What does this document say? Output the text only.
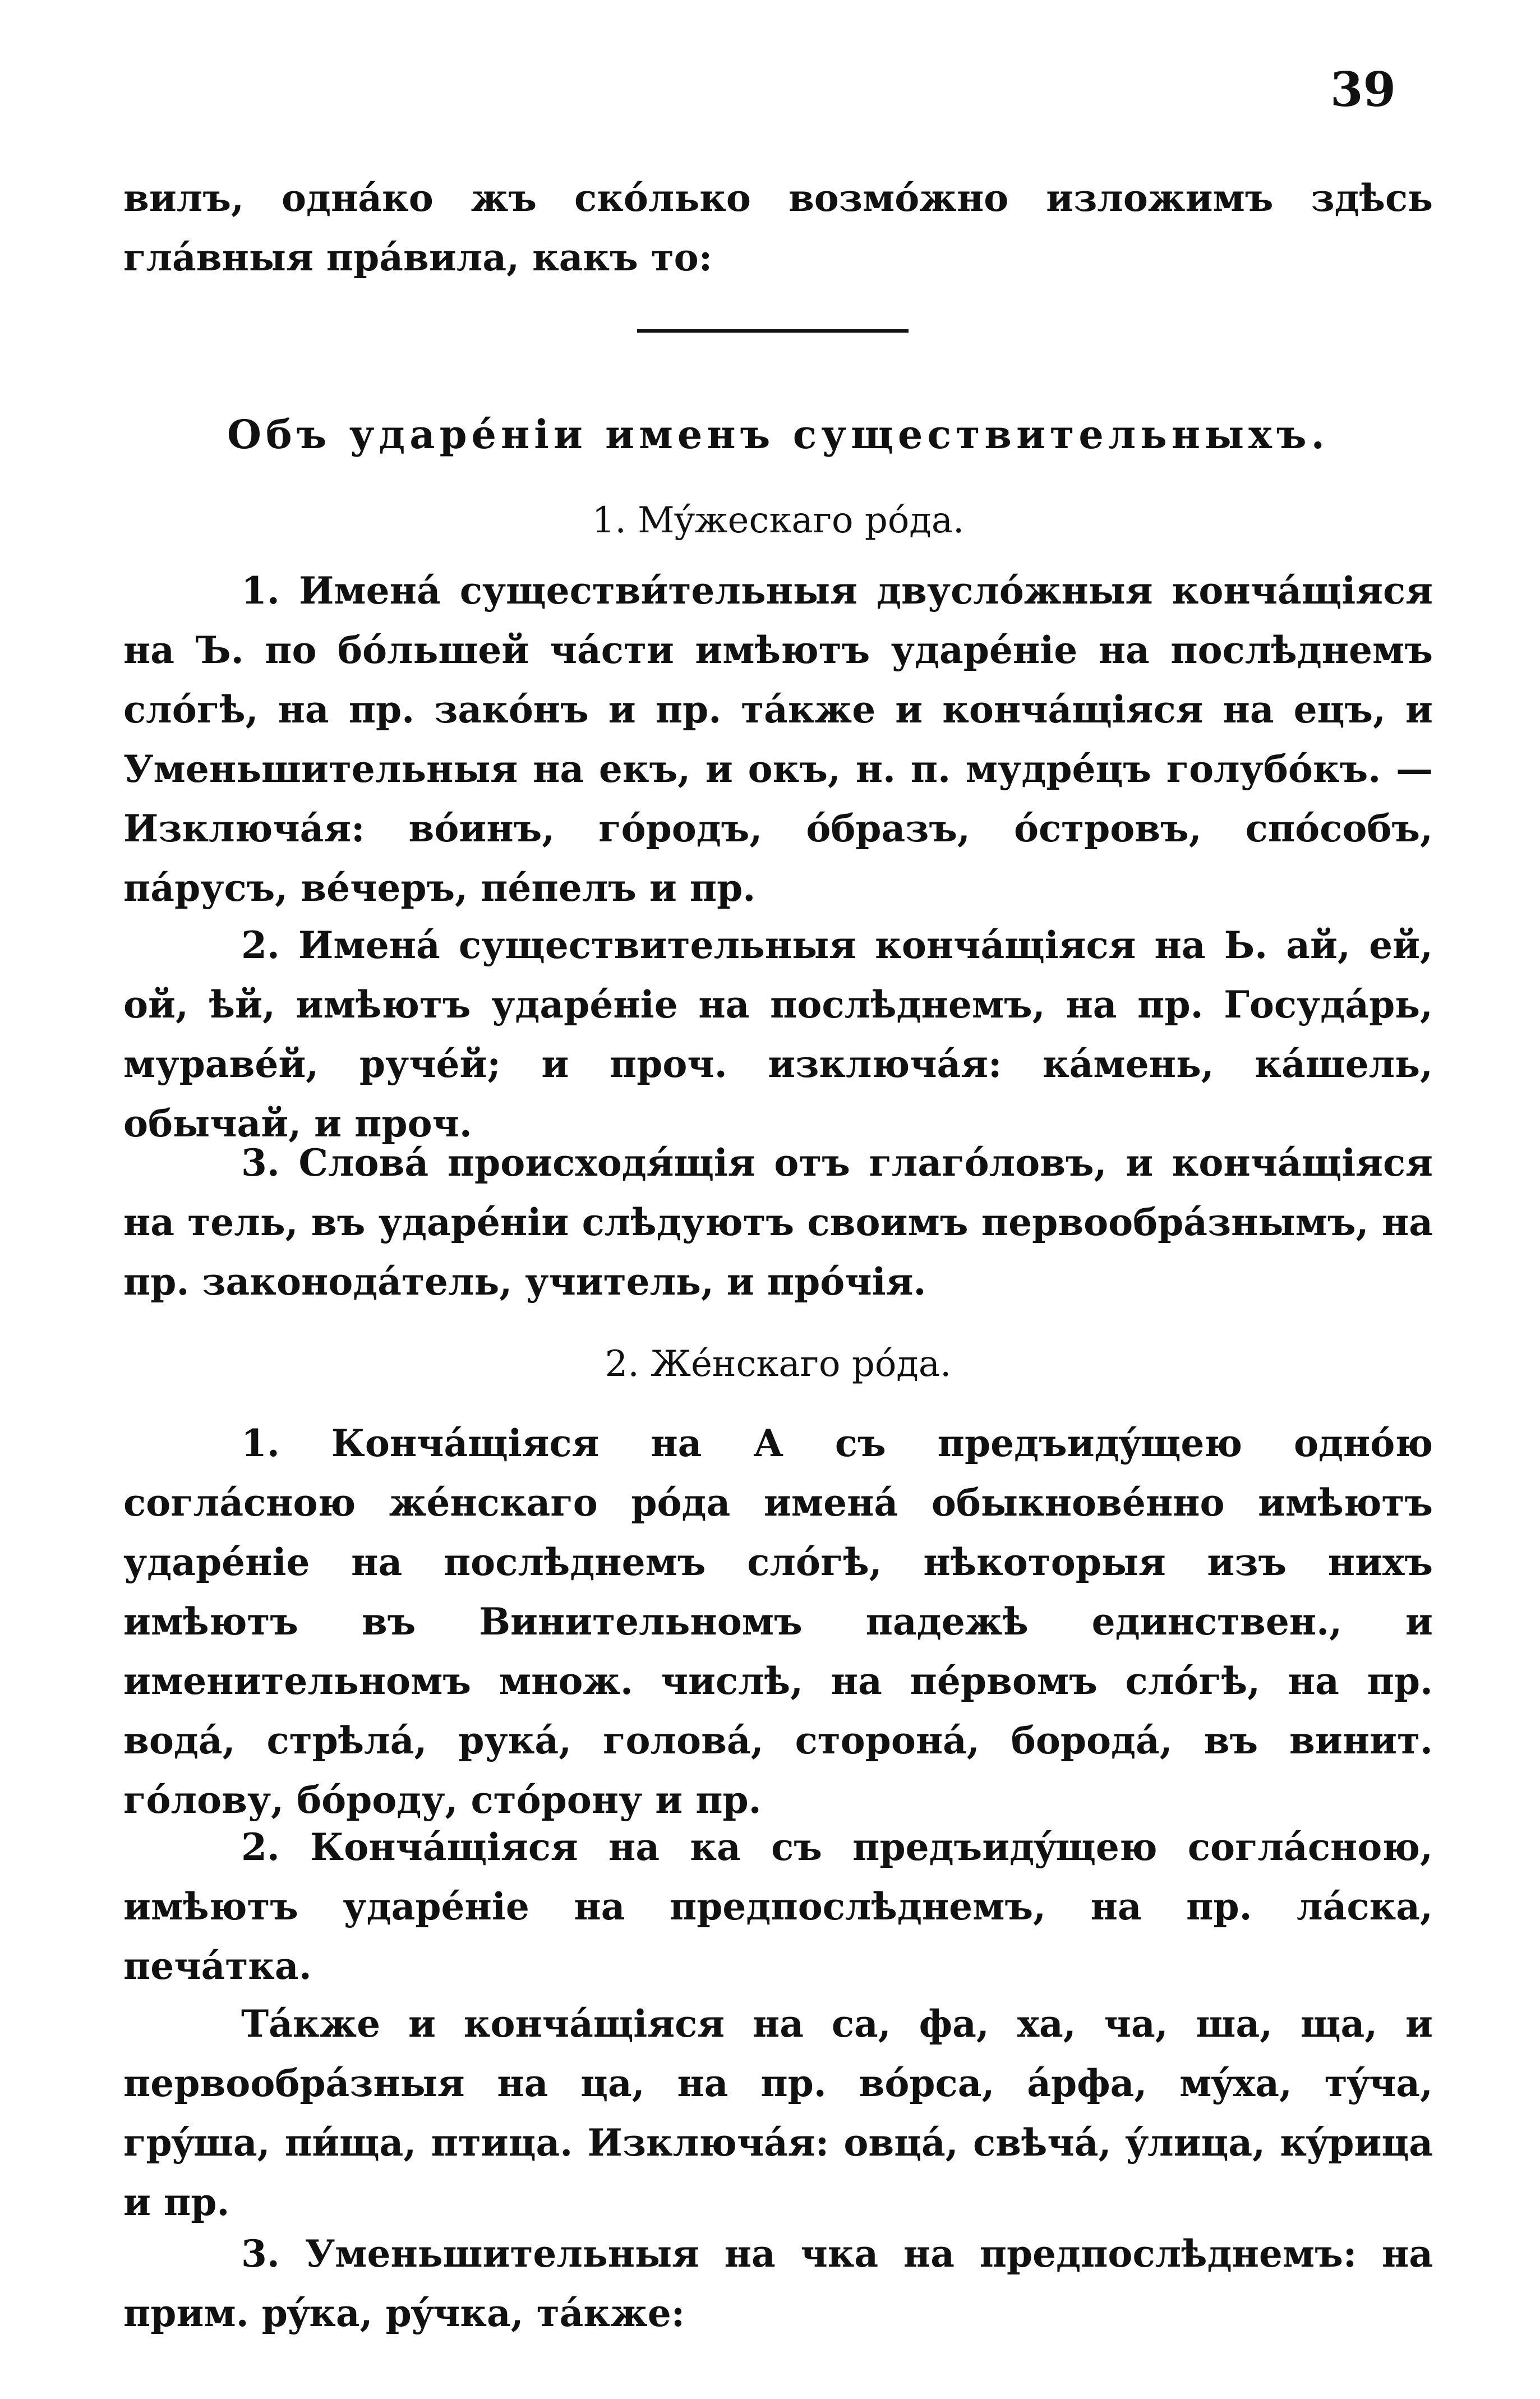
39

вилъ, однáко жъ скóлько возмóжно изложимъ здѣсь глáвныя прáвила, какъ то:

Объ ударéніи именъ существительныхъ.

1. Мýжескаго рóда.

1. Имена́ существи́тельныя двусло́жныя конча́щіяся на Ъ. по бóльшей чáсти имѣютъ ударéніе на послѣднемъ слóгѣ, на пр. закóнъ и пр. тáкже и кончáщіяся на ецъ, и Уменьшительныя на екъ, и окъ, н. п. мудрéцъ голубóкъ. — Изключáя: вóинъ, гóродъ, óбразъ, óстровъ, спóсобъ, пáрусъ, вéчеръ, пéпелъ и пр.

2. Имена́ существительныя кончáщіяся на Ь. ай, ей, ой, ѣй, имѣютъ ударéніе на послѣднемъ, на пр. Госуда́рь, муравéй, ручéй; и проч. изключáя: кáмень, кáшель, обычай, и проч.

3. Словá происходя́щія отъ глагóловъ, и кончáщіяся на тель, въ ударéніи слѣдуютъ своимъ первообрáзнымъ, на пр. законодáтель, учитель, и прóчія.

2. Жéнскаго рóда.

1. Кончáщіяся на А съ предъидýщею однóю соглáсною жéнскаго рóда имена́ обыкновéнно имѣютъ ударéніе на послѣднемъ слóгѣ, нѣкоторыя изъ нихъ имѣютъ въ Винительномъ падежѣ единствен., и именительномъ множ. числѣ, на пéрвомъ слóгѣ, на пр. водá, стрѣлá, рукá, головá, сторонá, бородá, въ винит. гóлову, бóроду, стóрону и пр.

2. Кончáщіяся на ка съ предъидýщею соглáсною, имѣютъ ударéніе на предпослѣднемъ, на пр. лáска, печáтка.

Тáкже и кончáщіяся на са, фа, ха, ча, ша, ща, и первообрáзныя на ца, на пр. вóрса, áрфа, мýха, тýча, грýша, пи́ща, птица. Изключáя: овцá, свѣчá, ýлица, кýрица и пр.

3. Уменьшительныя на чка на предпослѣднемъ: на прим. рýка, рýчка, тáкже:
